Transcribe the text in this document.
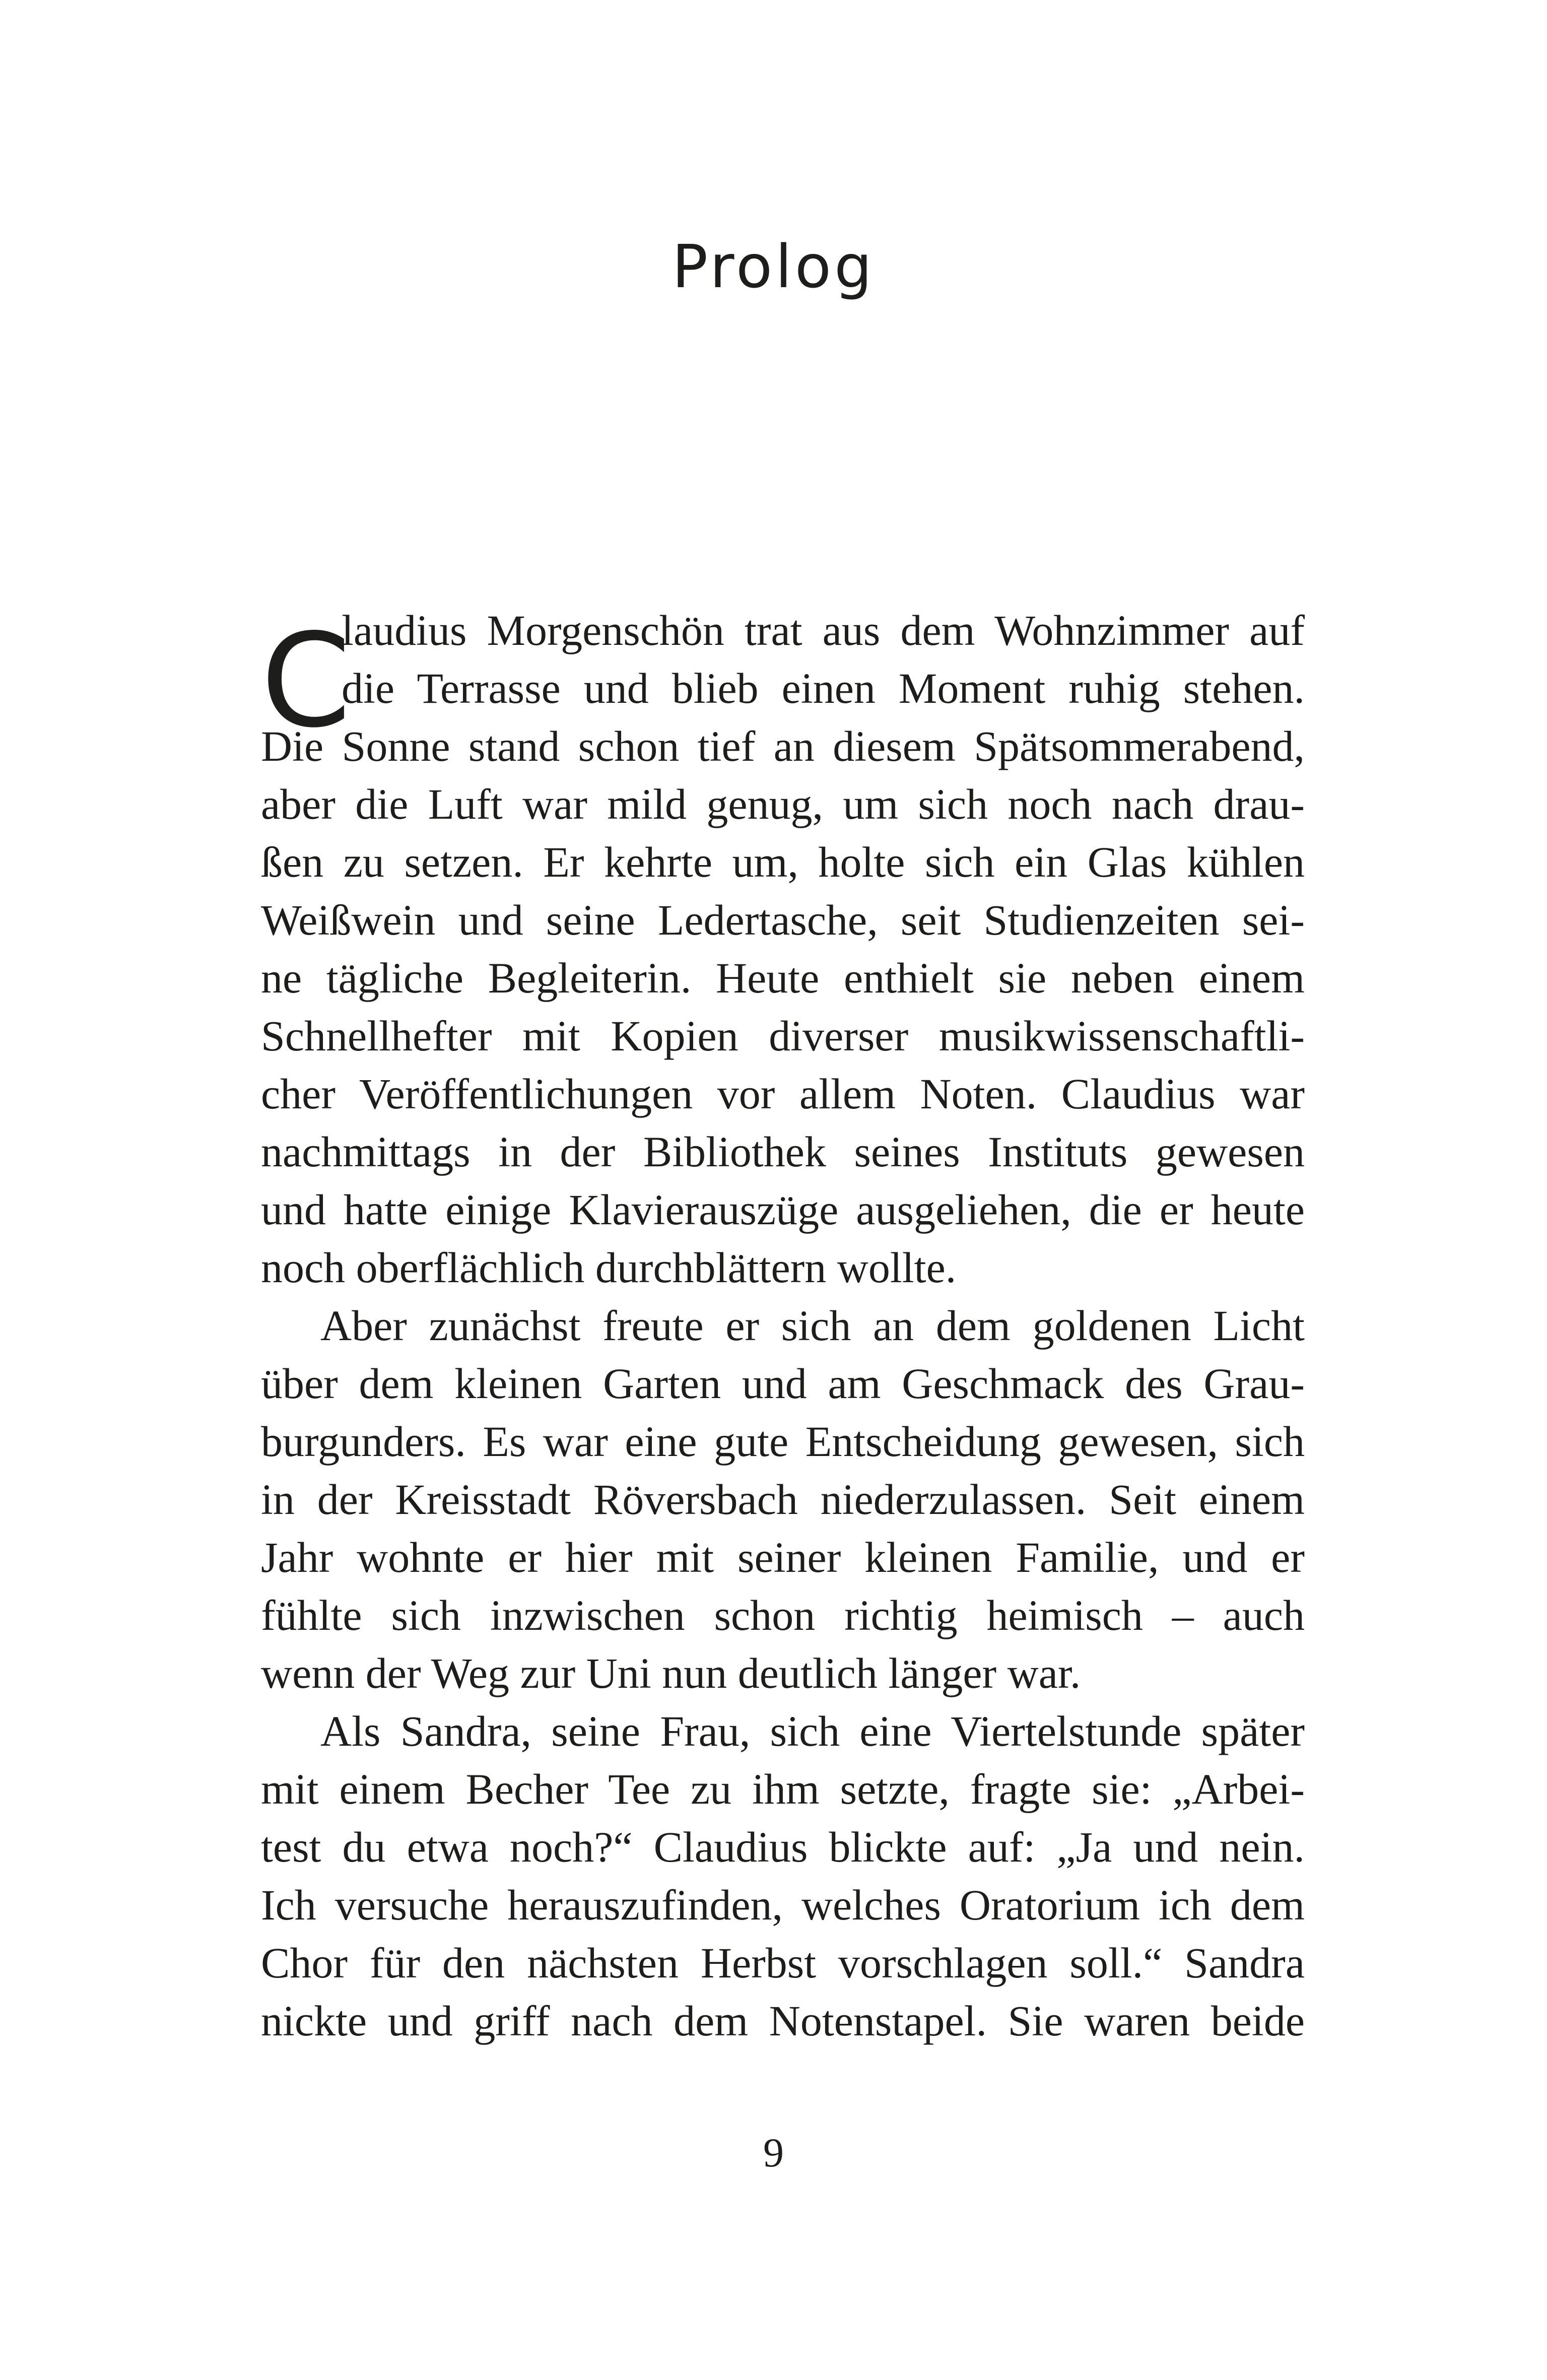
Prolog
C
laudius Morgenschön trat aus dem Wohnzimmer auf
die Terrasse und blieb einen Moment ruhig stehen.
Die Sonne stand schon tief an diesem Spätsommerabend,
aber die Luft war mild genug, um sich noch nach drau-
ßen zu setzen. Er kehrte um, holte sich ein Glas kühlen
Weißwein und seine Ledertasche, seit Studienzeiten sei-
ne tägliche Begleiterin. Heute enthielt sie neben einem
Schnellhefter mit Kopien diverser musikwissenschaftli-
cher Veröffentlichungen vor allem Noten. Claudius war
nachmittags in der Bibliothek seines Instituts gewesen
und hatte einige Klavierauszüge ausgeliehen, die er heute
noch oberflächlich durchblättern wollte.
Aber zunächst freute er sich an dem goldenen Licht
über dem kleinen Garten und am Geschmack des Grau-
burgunders. Es war eine gute Entscheidung gewesen, sich
in der Kreisstadt Röversbach niederzulassen. Seit einem
Jahr wohnte er hier mit seiner kleinen Familie, und er
fühlte sich inzwischen schon richtig heimisch – auch
wenn der Weg zur Uni nun deutlich länger war.
Als Sandra, seine Frau, sich eine Viertelstunde später
mit einem Becher Tee zu ihm setzte, fragte sie: „Arbei-
test du etwa noch?“ Claudius blickte auf: „Ja und nein.
Ich versuche herauszufinden, welches Oratorium ich dem
Chor für den nächsten Herbst vorschlagen soll.“ Sandra
nickte und griff nach dem Notenstapel. Sie waren beide
9
